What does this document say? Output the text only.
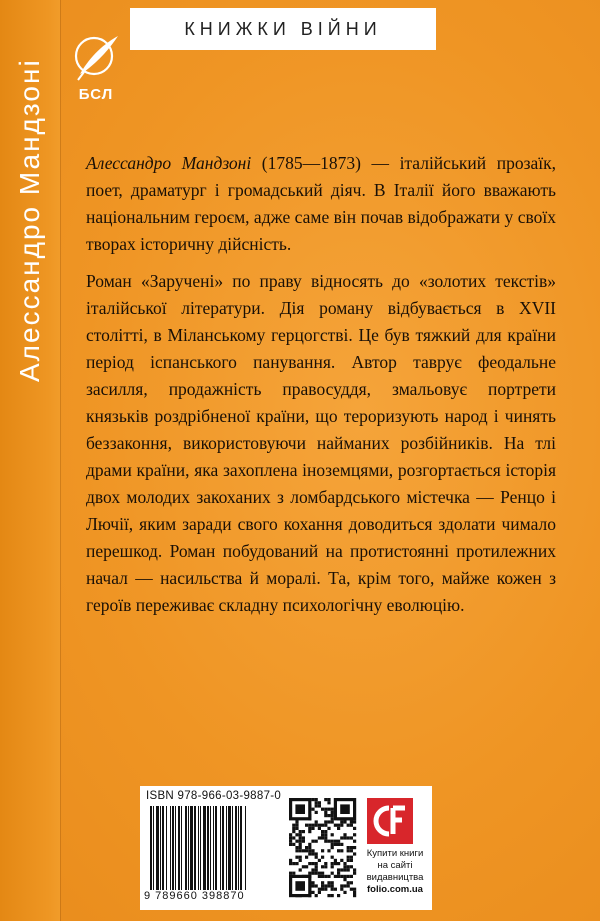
Алессандро Мандзоні	БСЛ
КНИЖКИ ВІЙНИ
Алессандро Мандзоні (1785—1873) — італійський прозаїк, поет, драматург і громадський діяч. В Італії його вважають національним героєм, адже саме він почав відображати у своїх творах історичну дійсність.
Роман «Заручені» по праву відносять до «золотих текстів» італійської літератури. Дія роману відбувається в XVII столітті, в Міланському герцогстві. Це був тяжкий для країни період іспанського панування. Автор таврує феодальне засилля, продажність правосуддя, змальовує портрети князьків роздрібненої країни, що тероризують народ і чинять беззаконня, використовуючи найманих розбійників. На тлі драми країни, яка захоплена іноземцями, розгортається історія двох молодих закоханих з ломбардського містечка — Ренцо і Лючії, яким заради свого кохання доводиться здолати чимало перешкод. Роман побудований на протистоянні протилежних начал — насильства й моралі. Та, крім того, майже кожен з героїв переживає складну психологічну еволюцію.
ISBN 978-966-03-9887-0
9 789660 398870
Купити книги
на сайті
видавництва
folio.com.ua
